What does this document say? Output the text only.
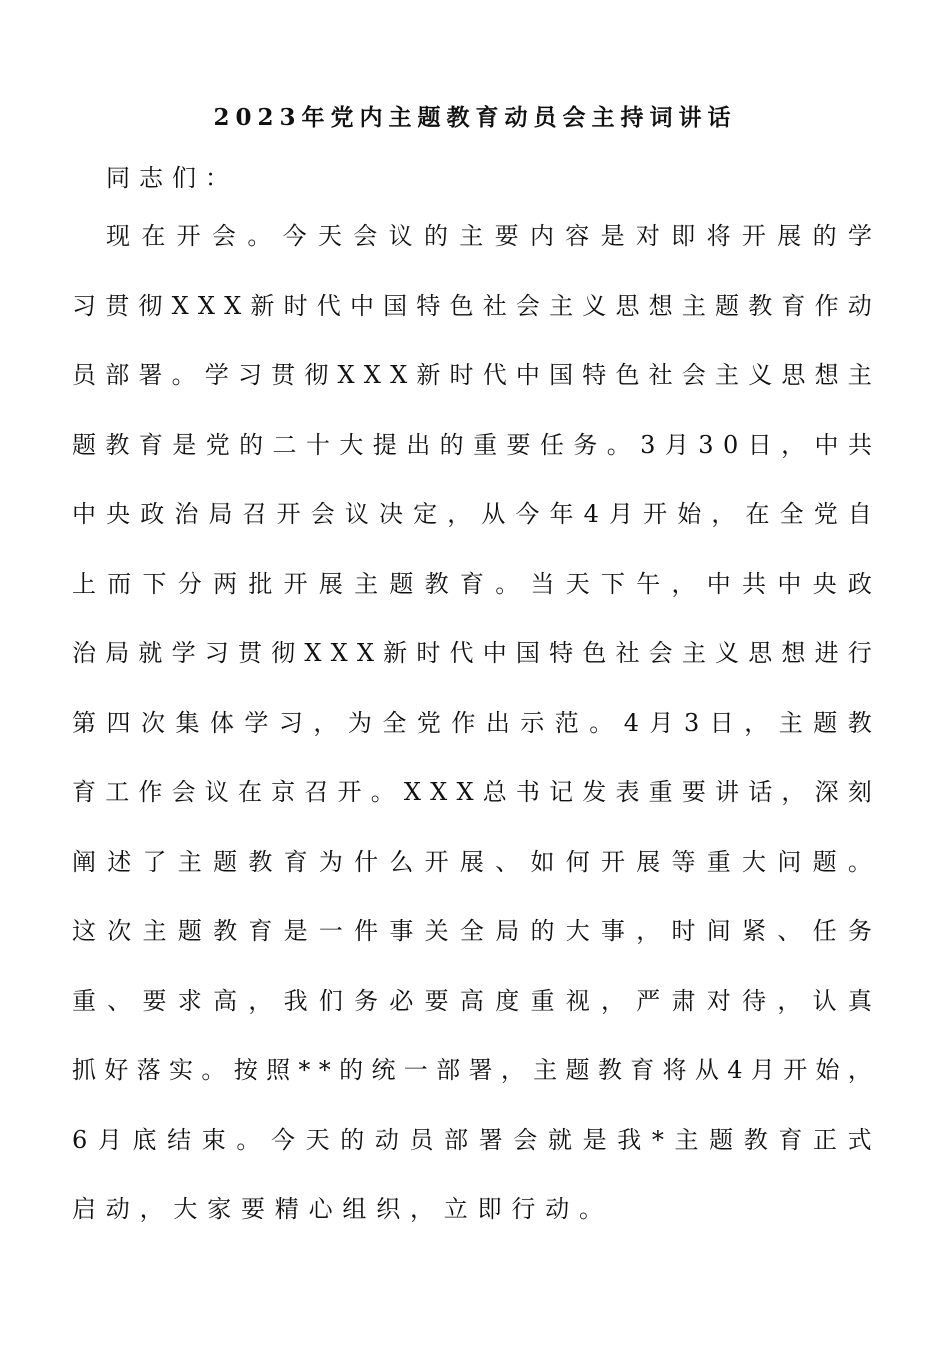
2023年党内主题教育动员会主持词讲话
同志们：
现 在 开 会 。 今 天 会 议 的 主 要 内 容 是 对 即 将 开 展 的 学
习 贯 彻 X X X 新 时 代 中 国 特 色 社 会 主 义 思 想 主 题 教 育 作 动
员 部 署 。 学 习 贯 彻 X X X 新 时 代 中 国 特 色 社 会 主 义 思 想 主
题 教 育 是 党 的 二 十 大 提 出 的 重 要 任 务 。 3 月 3 0 日 ， 中 共
中 央 政 治 局 召 开 会 议 决 定 ， 从 今 年 4 月 开 始 ， 在 全 党 自
上 而 下 分 两 批 开 展 主 题 教 育 。 当 天 下 午 ， 中 共 中 央 政
治 局 就 学 习 贯 彻 X X X 新 时 代 中 国 特 色 社 会 主 义 思 想 进 行
第 四 次 集 体 学 习 ， 为 全 党 作 出 示 范 。 4 月 3 日 ， 主 题 教
育 工 作 会 议 在 京 召 开 。 X X X 总 书 记 发 表 重 要 讲 话 ， 深 刻
阐 述 了 主 题 教 育 为 什 么 开 展 、 如 何 开 展 等 重 大 问 题 。
这 次 主 题 教 育 是 一 件 事 关 全 局 的 大 事 ， 时 间 紧 、 任 务
重 、 要 求 高 ， 我 们 务 必 要 高 度 重 视 ， 严 肃 对 待 ， 认 真
抓 好 落 实 。 按 照 * * 的 统 一 部 署 ， 主 题 教 育 将 从 4 月 开 始 ，
6 月 底 结 束 。 今 天 的 动 员 部 署 会 就 是 我 * 主 题 教 育 正 式
启动，大家要精心组织，立即行动。
